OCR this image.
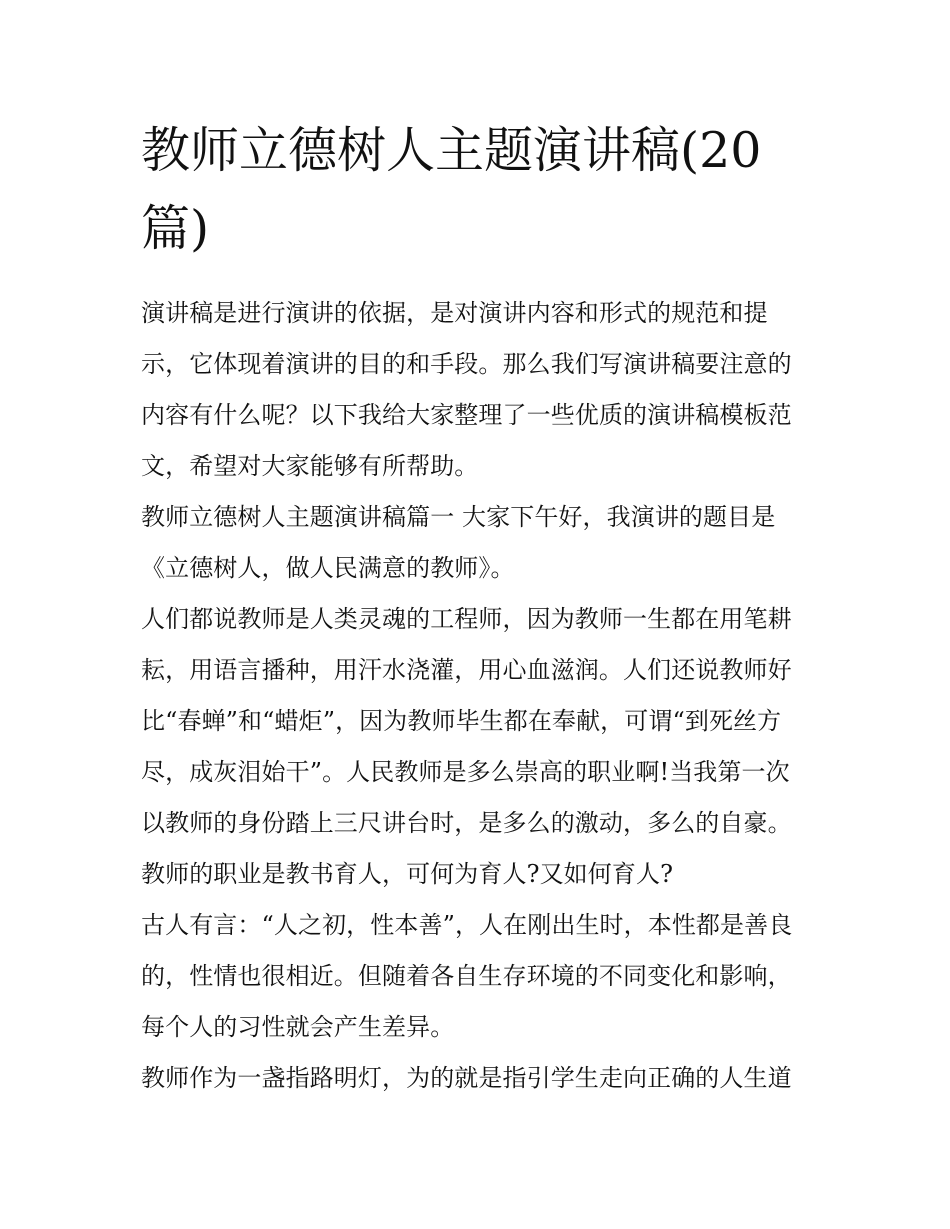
教师立德树人主题演讲稿(20篇)

演讲稿是进行演讲的依据，是对演讲内容和形式的规范和提示，它体现着演讲的目的和手段。那么我们写演讲稿要注意的内容有什么呢？以下我给大家整理了一些优质的演讲稿模板范文，希望对大家能够有所帮助。

教师立德树人主题演讲稿篇一 大家下午好，我演讲的题目是《立德树人，做人民满意的教师》。

人们都说教师是人类灵魂的工程师，因为教师一生都在用笔耕耘，用语言播种，用汗水浇灌，用心血滋润。人们还说教师好比“春蝉”和“蜡炬”，因为教师毕生都在奉献，可谓“到死丝方尽，成灰泪始干”。人民教师是多么崇高的职业啊!当我第一次以教师的身份踏上三尺讲台时，是多么的激动，多么的自豪。

教师的职业是教书育人，可何为育人?又如何育人?

古人有言：“人之初，性本善”，人在刚出生时，本性都是善良的，性情也很相近。但随着各自生存环境的不同变化和影响，每个人的习性就会产生差异。

教师作为一盏指路明灯，为的就是指引学生走向正确的人生道
